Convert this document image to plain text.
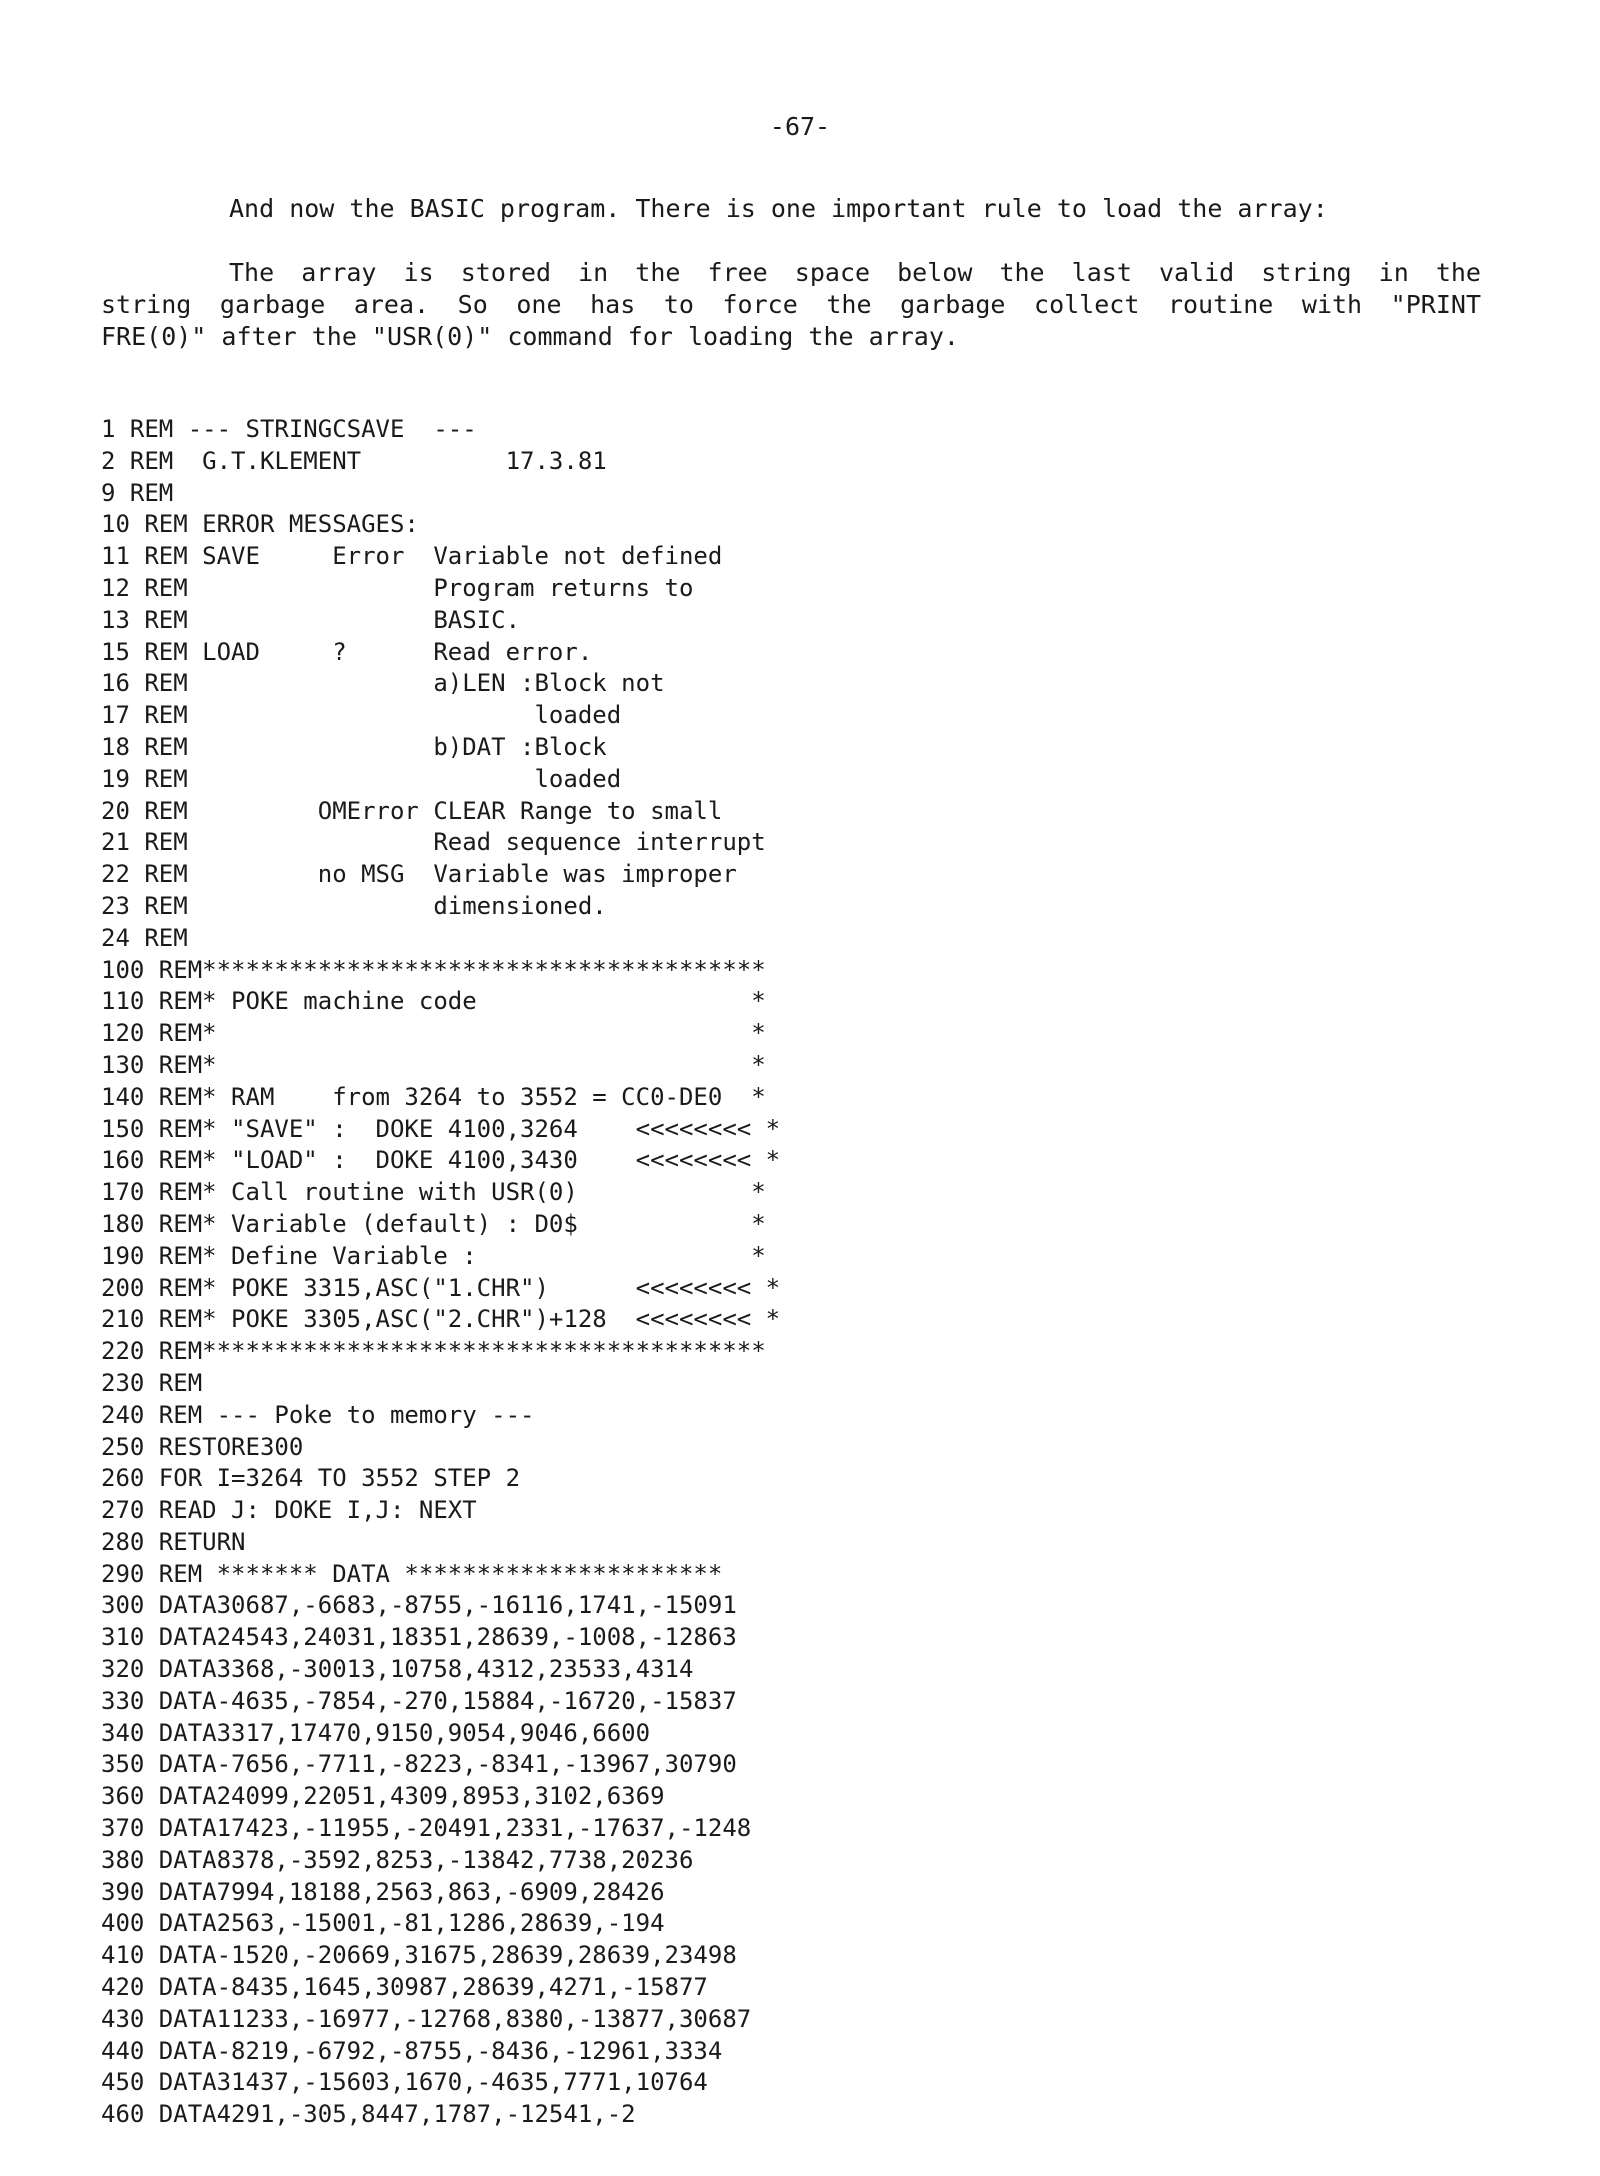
-67-
And now the BASIC program. There is one important rule to load the array:
The array is stored in the free space below the last valid string in the
string garbage area. So one has to force the garbage collect routine with "PRINT
FRE(0)" after the "USR(0)" command for loading the array.
1 REM --- STRINGCSAVE  ---
2 REM  G.T.KLEMENT          17.3.81
9 REM
10 REM ERROR MESSAGES:
11 REM SAVE     Error  Variable not defined
12 REM                 Program returns to
13 REM                 BASIC.
15 REM LOAD     ?      Read error.
16 REM                 a)LEN :Block not
17 REM                        loaded
18 REM                 b)DAT :Block
19 REM                        loaded
20 REM         OMError CLEAR Range to small
21 REM                 Read sequence interrupt
22 REM         no MSG  Variable was improper
23 REM                 dimensioned.
24 REM
100 REM***************************************
110 REM* POKE machine code                   *
120 REM*                                     *
130 REM*                                     *
140 REM* RAM    from 3264 to 3552 = CC0-DE0  *
150 REM* "SAVE" :  DOKE 4100,3264    <<<<<<<< *
160 REM* "LOAD" :  DOKE 4100,3430    <<<<<<<< *
170 REM* Call routine with USR(0)            *
180 REM* Variable (default) : D0$            *
190 REM* Define Variable :                   *
200 REM* POKE 3315,ASC("1.CHR")      <<<<<<<< *
210 REM* POKE 3305,ASC("2.CHR")+128  <<<<<<<< *
220 REM***************************************
230 REM
240 REM --- Poke to memory ---
250 RESTORE300
260 FOR I=3264 TO 3552 STEP 2
270 READ J: DOKE I,J: NEXT
280 RETURN
290 REM ******* DATA **********************
300 DATA30687,-6683,-8755,-16116,1741,-15091
310 DATA24543,24031,18351,28639,-1008,-12863
320 DATA3368,-30013,10758,4312,23533,4314
330 DATA-4635,-7854,-270,15884,-16720,-15837
340 DATA3317,17470,9150,9054,9046,6600
350 DATA-7656,-7711,-8223,-8341,-13967,30790
360 DATA24099,22051,4309,8953,3102,6369
370 DATA17423,-11955,-20491,2331,-17637,-1248
380 DATA8378,-3592,8253,-13842,7738,20236
390 DATA7994,18188,2563,863,-6909,28426
400 DATA2563,-15001,-81,1286,28639,-194
410 DATA-1520,-20669,31675,28639,28639,23498
420 DATA-8435,1645,30987,28639,4271,-15877
430 DATA11233,-16977,-12768,8380,-13877,30687
440 DATA-8219,-6792,-8755,-8436,-12961,3334
450 DATA31437,-15603,1670,-4635,7771,10764
460 DATA4291,-305,8447,1787,-12541,-2
